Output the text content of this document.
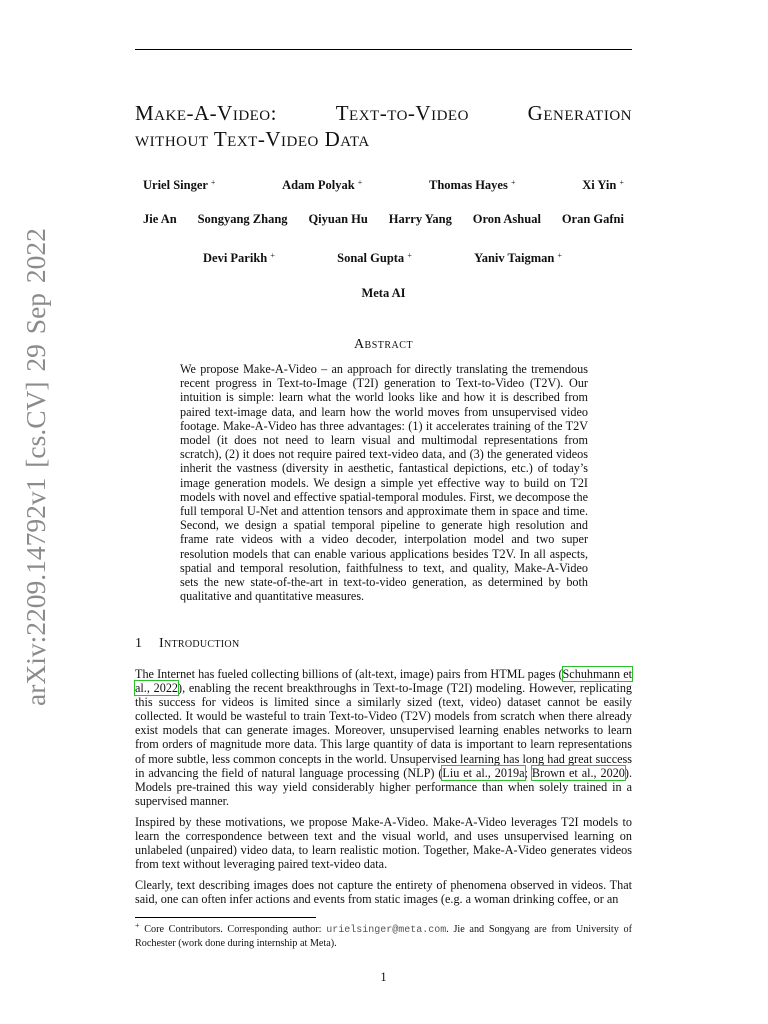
arXiv:2209.14792v1 [cs.CV] 29 Sep 2022
Make-A-Video:	Text-to-Video	Generation
without Text-Video Data
Uriel Singer +	Adam Polyak +	Thomas Hayes +	Xi Yin +
Jie An Songyang Zhang Qiyuan Hu Harry Yang Oron Ashual Oran Gafni
Devi Parikh +	Sonal Gupta +	Yaniv Taigman +
Meta AI
Abstract
We propose Make-A-Video – an approach for directly translating the tremendous recent progress in Text-to-Image (T2I) generation to Text-to-Video (T2V). Our intuition is simple: learn what the world looks like and how it is described from paired text-image data, and learn how the world moves from unsupervised video footage. Make-A-Video has three advantages: (1) it accelerates training of the T2V model (it does not need to learn visual and multimodal representations from scratch), (2) it does not require paired text-video data, and (3) the generated videos inherit the vastness (diversity in aesthetic, fantastical depictions, etc.) of today’s image generation models. We design a simple yet effective way to build on T2I models with novel and effective spatial-temporal modules. First, we decompose the full temporal U-Net and attention tensors and approximate them in space and time. Second, we design a spatial temporal pipeline to generate high resolution and frame rate videos with a video decoder, interpolation model and two super resolution models that can enable various applications besides T2V. In all aspects, spatial and temporal resolution, faithfulness to text, and quality, Make-A-Video sets the new state-of-the-art in text-to-video generation, as determined by both qualitative and quantitative measures.
1 Introduction

The Internet has fueled collecting billions of (alt-text, image) pairs from HTML pages (Schuhmann et al., 2022), enabling the recent breakthroughs in Text-to-Image (T2I) modeling. However, replicating this success for videos is limited since a similarly sized (text, video) dataset cannot be easily collected. It would be wasteful to train Text-to-Video (T2V) models from scratch when there already exist models that can generate images. Moreover, unsupervised learning enables networks to learn from orders of magnitude more data. This large quantity of data is important to learn representations of more subtle, less common concepts in the world. Unsupervised learning has long had great success in advancing the field of natural language processing (NLP) (Liu et al., 2019a; Brown et al., 2020). Models pre-trained this way yield considerably higher performance than when solely trained in a supervised manner.

Inspired by these motivations, we propose Make-A-Video. Make-A-Video leverages T2I models to learn the correspondence between text and the visual world, and uses unsupervised learning on unlabeled (unpaired) video data, to learn realistic motion. Together, Make-A-Video generates videos from text without leveraging paired text-video data.

Clearly, text describing images does not capture the entirety of phenomena observed in videos. That said, one can often infer actions and events from static images (e.g. a woman drinking coffee, or an

+ Core Contributors. Corresponding author: urielsinger@meta.com. Jie and Songyang are from University of Rochester (work done during internship at Meta).
1
